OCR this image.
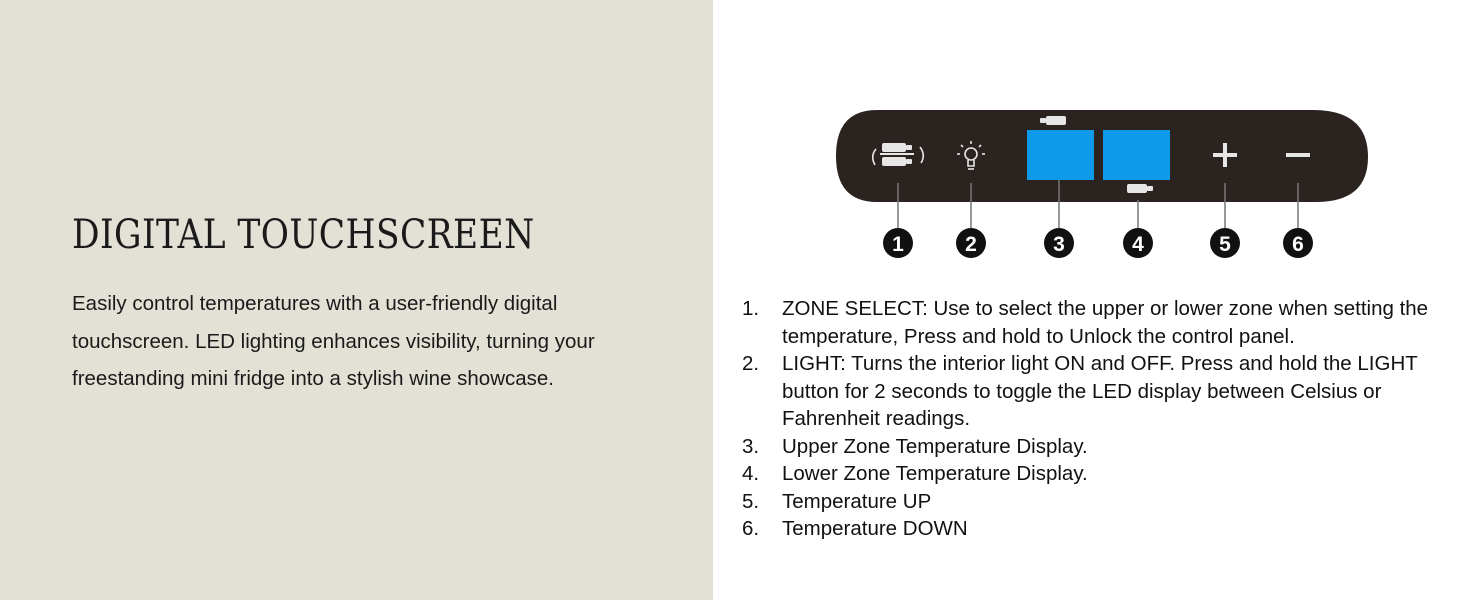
DIGITAL TOUCHSCREEN

Easily control temperatures with a user-friendly digital touchscreen. LED lighting enhances visibility, turning your freestanding mini fridge into a stylish wine showcase.

1	2	3	4	5	6
1.	ZONE SELECT: Use to select the upper or lower zone when setting the temperature, Press and hold to Unlock the control panel.
2.	LIGHT: Turns the interior light ON and OFF. Press and hold the LIGHT button for 2 seconds to toggle the LED display between Celsius or Fahrenheit readings.
3.	Upper Zone Temperature Display.
4.	Lower Zone Temperature Display.
5.	Temperature UP
6.	Temperature DOWN
